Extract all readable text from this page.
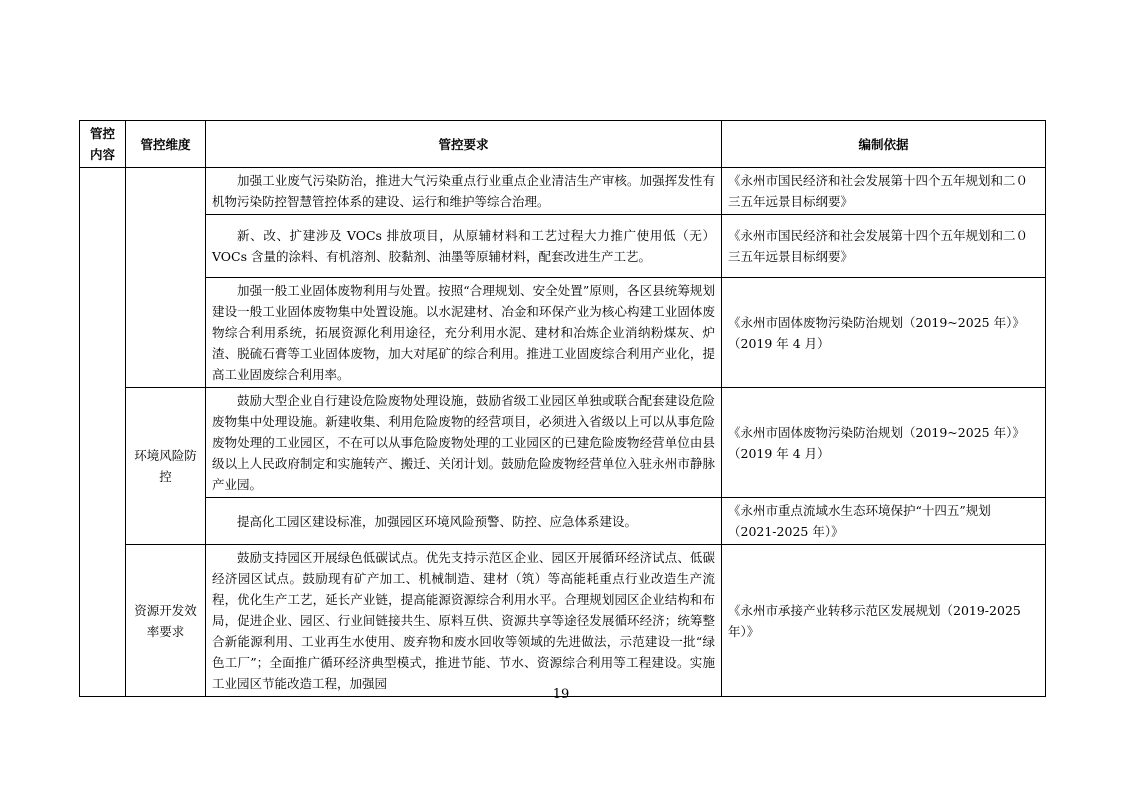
管控
内容	管控维度	管控要求	编制依据
		加强工业废气污染防治，推进大气污染重点行业重点企业清洁生产审核。加强挥发性有机物污染防控智慧管控体系的建设、运行和维护等综合治理。	《永州市国民经济和社会发展第十四个五年规划和二０三五年远景目标纲要》
		新、改、扩建涉及 VOCs 排放项目，从原辅材料和工艺过程大力推广使用低（无）VOCs 含量的涂料、有机溶剂、胶黏剂、油墨等原辅材料，配套改进生产工艺。	《永州市国民经济和社会发展第十四个五年规划和二０三五年远景目标纲要》
		加强一般工业固体废物利用与处置。按照“合理规划、安全处置”原则，各区县统筹规划建设一般工业固体废物集中处置设施。以水泥建材、冶金和环保产业为核心构建工业固体废物综合利用系统，拓展资源化利用途径，充分利用水泥、建材和冶炼企业消纳粉煤灰、炉渣、脱硫石膏等工业固体废物，加大对尾矿的综合利用。推进工业固废综合利用产业化，提高工业固废综合利用率。	《永州市固体废物污染防治规划（2019~2025 年）》（2019 年 4 月）
	环境风险防控	鼓励大型企业自行建设危险废物处理设施，鼓励省级工业园区单独或联合配套建设危险废物集中处理设施。新建收集、利用危险废物的经营项目，必须进入省级以上可以从事危险废物处理的工业园区，不在可以从事危险废物处理的工业园区的已建危险废物经营单位由县级以上人民政府制定和实施转产、搬迁、关闭计划。鼓励危险废物经营单位入驻永州市静脉产业园。	《永州市固体废物污染防治规划（2019~2025 年）》（2019 年 4 月）
		提高化工园区建设标准，加强园区环境风险预警、防控、应急体系建设。	《永州市重点流域水生态环境保护“十四五”规划（2021-2025 年）》
	资源开发效率要求	鼓励支持园区开展绿色低碳试点。优先支持示范区企业、园区开展循环经济试点、低碳经济园区试点。鼓励现有矿产加工、机械制造、建材（筑）等高能耗重点行业改造生产流程，优化生产工艺，延长产业链，提高能源资源综合利用水平。合理规划园区企业结构和布局，促进企业、园区、行业间链接共生、原料互供、资源共享等途径发展循环经济；统筹整合新能源利用、工业再生水使用、废弃物和废水回收等领域的先进做法，示范建设一批“绿色工厂”；全面推广循环经济典型模式，推进节能、节水、资源综合利用等工程建设。实施工业园区节能改造工程，加强园	《永州市承接产业转移示范区发展规划（2019-2025 年）》
19
